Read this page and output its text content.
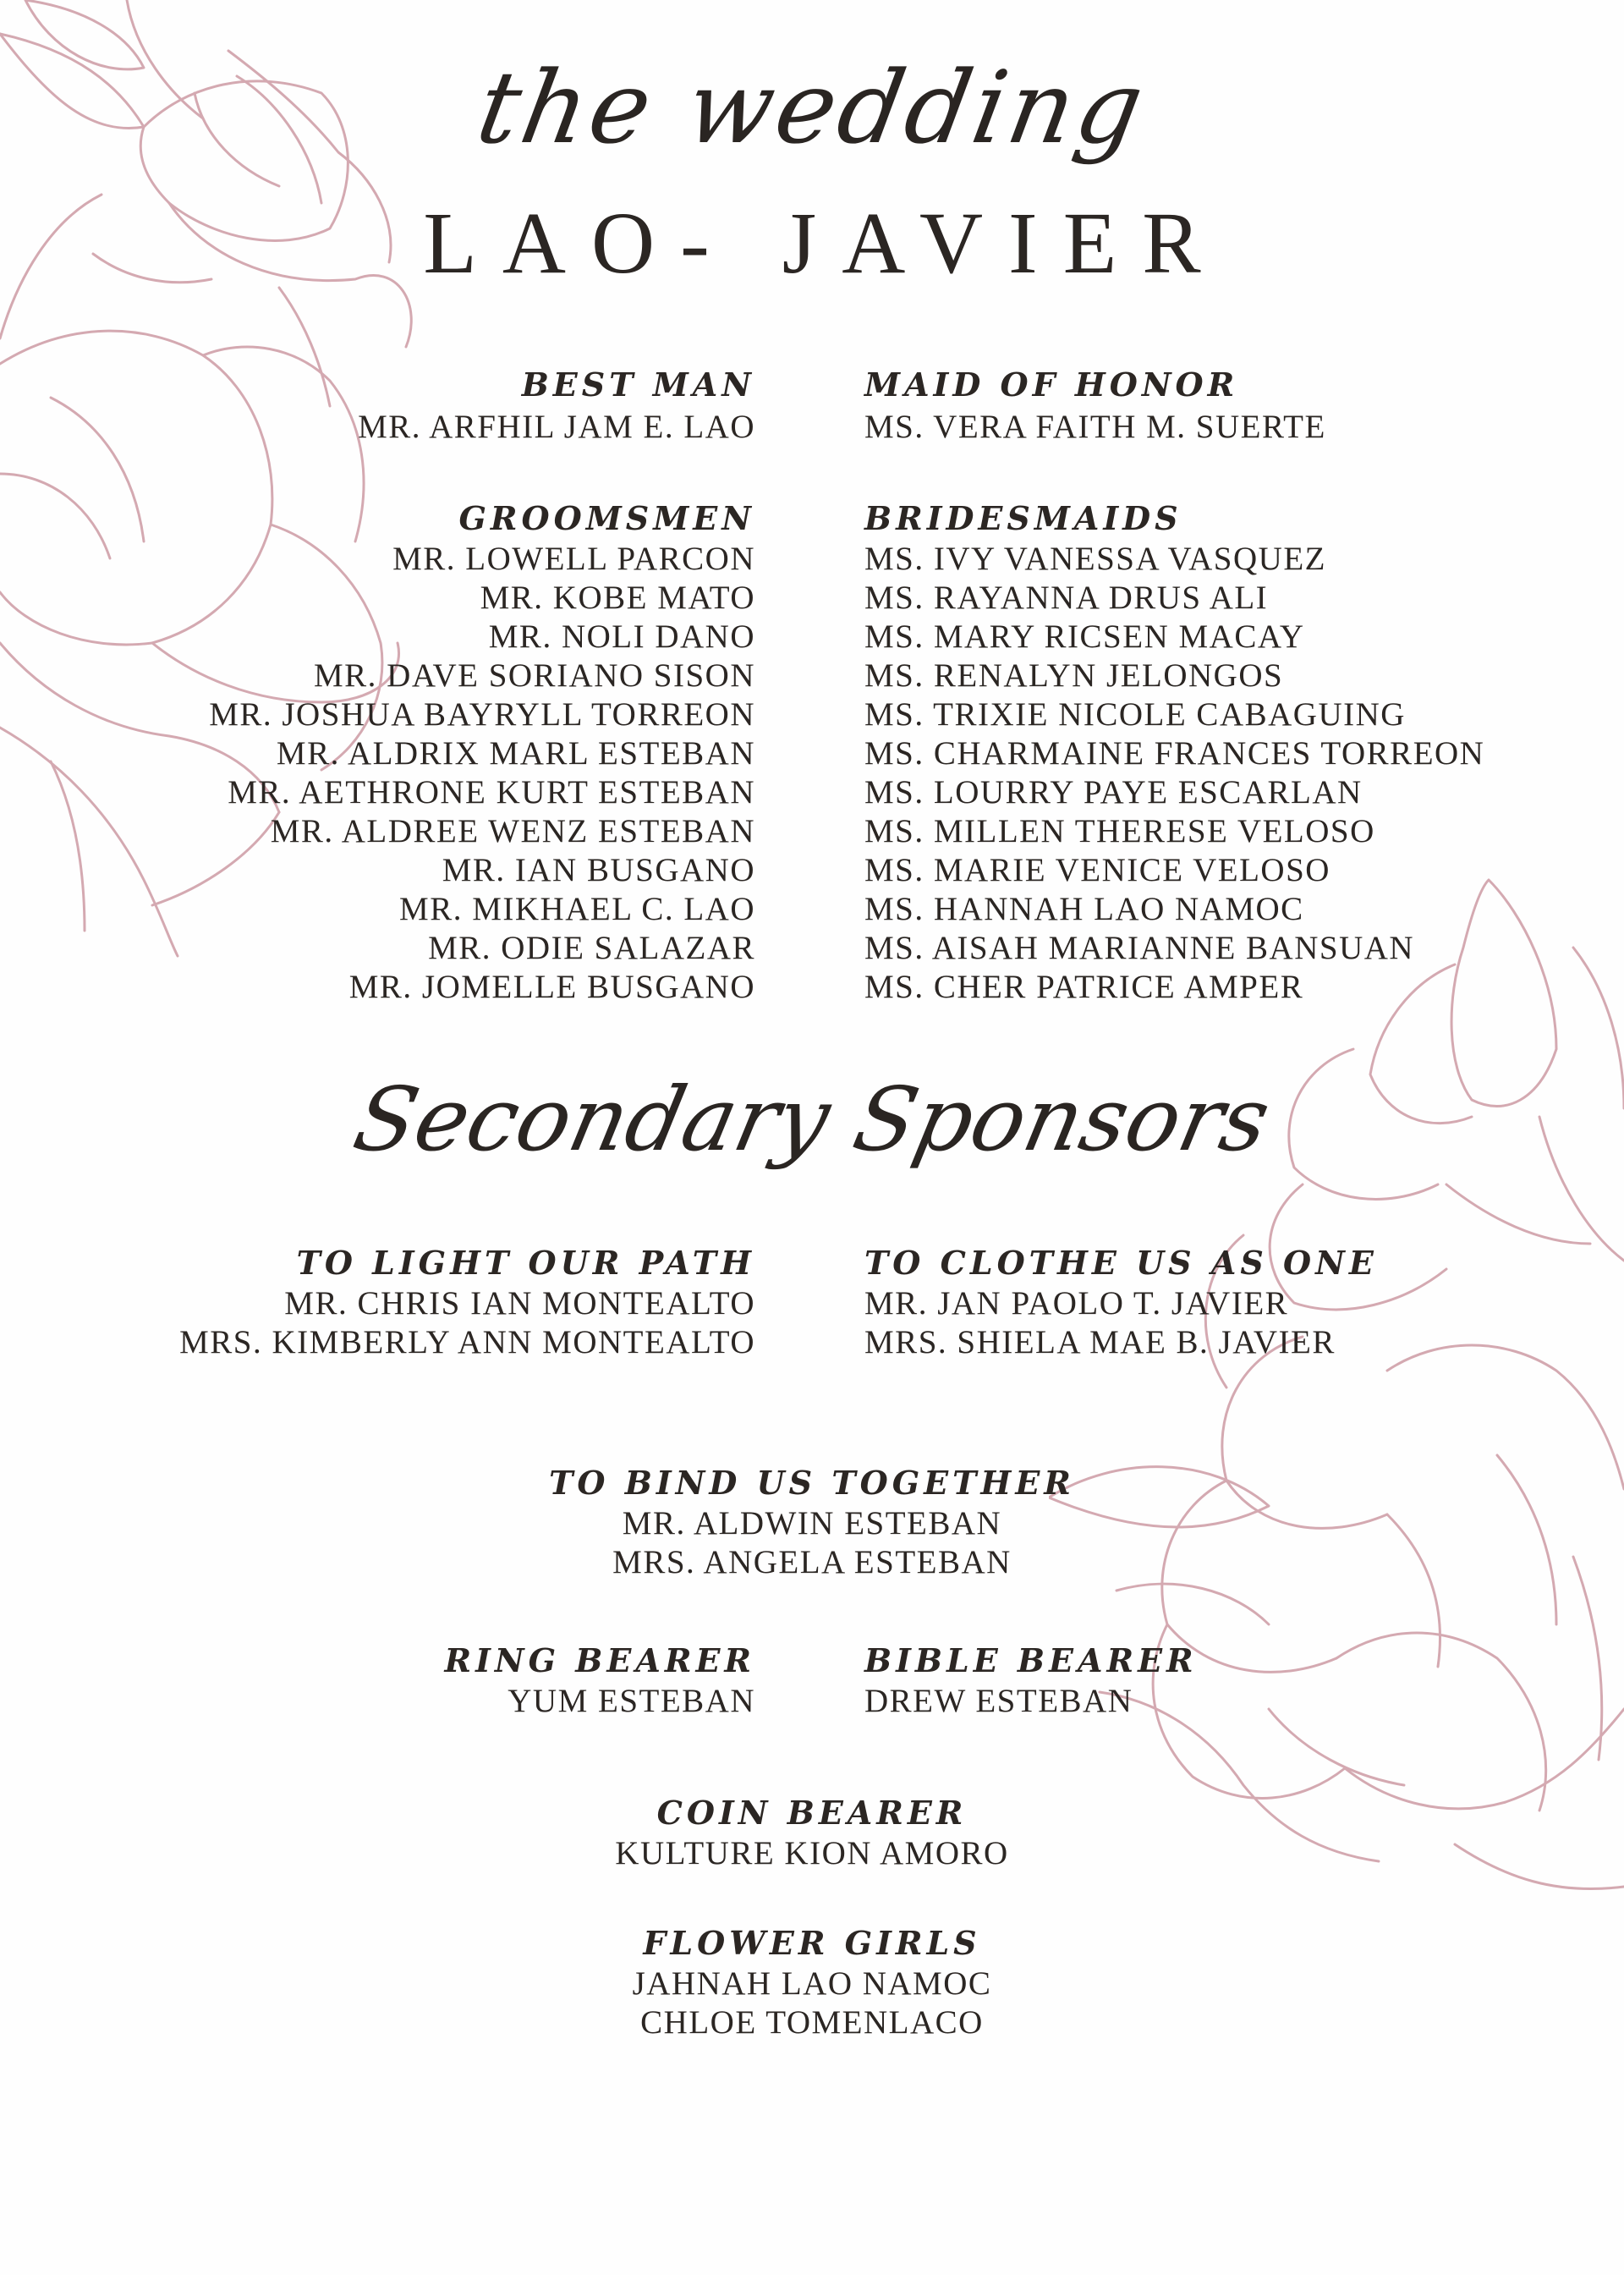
the wedding
LAO- JAVIER
BEST MAN
MR. ARFHIL JAM E. LAO
MAID OF HONOR
MS. VERA FAITH M. SUERTE
GROOMSMEN
MR. LOWELL PARCON
MR. KOBE MATO
MR. NOLI DANO
MR. DAVE SORIANO SISON
MR. JOSHUA BAYRYLL TORREON
MR. ALDRIX MARL ESTEBAN
MR. AETHRONE KURT ESTEBAN
MR. ALDREE WENZ ESTEBAN
MR. IAN BUSGANO
MR. MIKHAEL C. LAO
MR. ODIE SALAZAR
MR. JOMELLE BUSGANO
BRIDESMAIDS
MS. IVY VANESSA VASQUEZ
MS. RAYANNA DRUS ALI
MS. MARY RICSEN MACAY
MS. RENALYN JELONGOS
MS. TRIXIE NICOLE CABAGUING
MS. CHARMAINE FRANCES TORREON
MS. LOURRY PAYE ESCARLAN
MS. MILLEN THERESE VELOSO
MS. MARIE VENICE VELOSO
MS. HANNAH LAO NAMOC
MS. AISAH MARIANNE BANSUAN
MS. CHER PATRICE AMPER
Secondary Sponsors
TO LIGHT OUR PATH
MR. CHRIS IAN MONTEALTO
MRS. KIMBERLY ANN MONTEALTO
TO CLOTHE US AS ONE
MR. JAN PAOLO T. JAVIER
MRS. SHIELA MAE B. JAVIER
TO BIND US TOGETHER
MR. ALDWIN ESTEBAN
MRS. ANGELA ESTEBAN
RING BEARER
YUM ESTEBAN
BIBLE BEARER
DREW ESTEBAN
COIN BEARER
KULTURE KION AMORO
FLOWER GIRLS
JAHNAH LAO NAMOC
CHLOE TOMENLACO
